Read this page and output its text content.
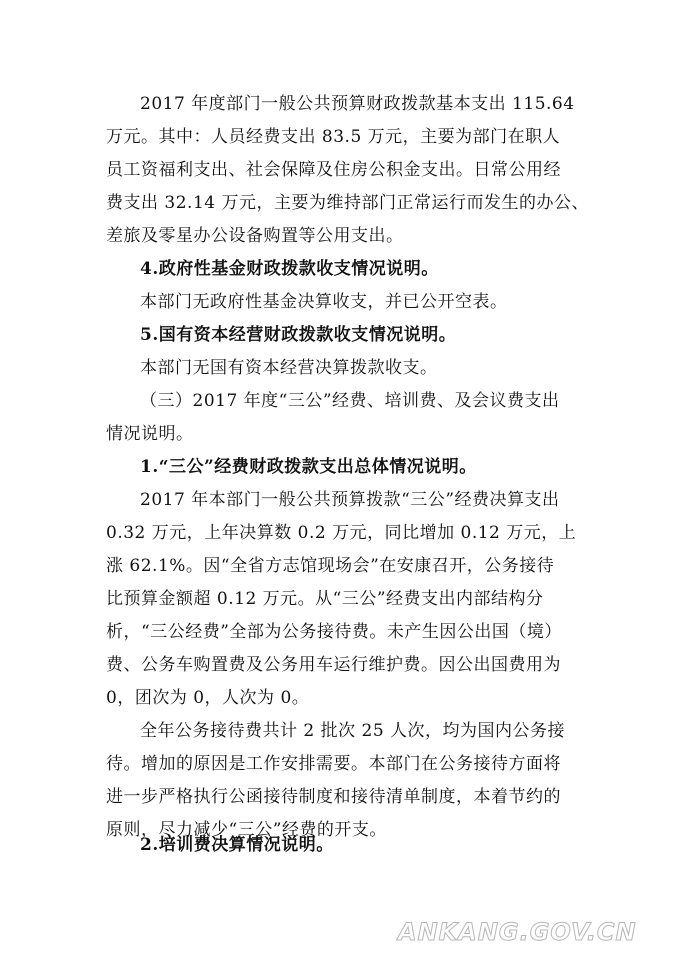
2017 年度部门一般公共预算财政拨款基本支出 115.64
万元。其中：人员经费支出 83.5 万元，主要为部门在职人
员工资福利支出、社会保障及住房公积金支出。日常公用经
费支出 32.14 万元，主要为维持部门正常运行而发生的办公、
差旅及零星办公设备购置等公用支出。
4.政府性基金财政拨款收支情况说明。
本部门无政府性基金决算收支，并已公开空表。
5.国有资本经营财政拨款收支情况说明。
本部门无国有资本经营决算拨款收支。
（三）2017 年度“三公”经费、培训费、及会议费支出
情况说明。
1.“三公”经费财政拨款支出总体情况说明。
2017 年本部门一般公共预算拨款“三公”经费决算支出
0.32 万元，上年决算数 0.2 万元，同比增加 0.12 万元，上
涨 62.1%。因“全省方志馆现场会”在安康召开，公务接待
比预算金额超 0.12 万元。从“三公”经费支出内部结构分
析，“三公经费”全部为公务接待费。未产生因公出国（境）
费、公务车购置费及公务用车运行维护费。因公出国费用为
0，团次为 0，人次为 0。
全年公务接待费共计 2 批次 25 人次，均为国内公务接
待。增加的原因是工作安排需要。本部门在公务接待方面将
进一步严格执行公函接待制度和接待清单制度，本着节约的
原则，尽力减少“三公”经费的开支。
2.培训费决算情况说明。
ANKANG.GOV.CN
